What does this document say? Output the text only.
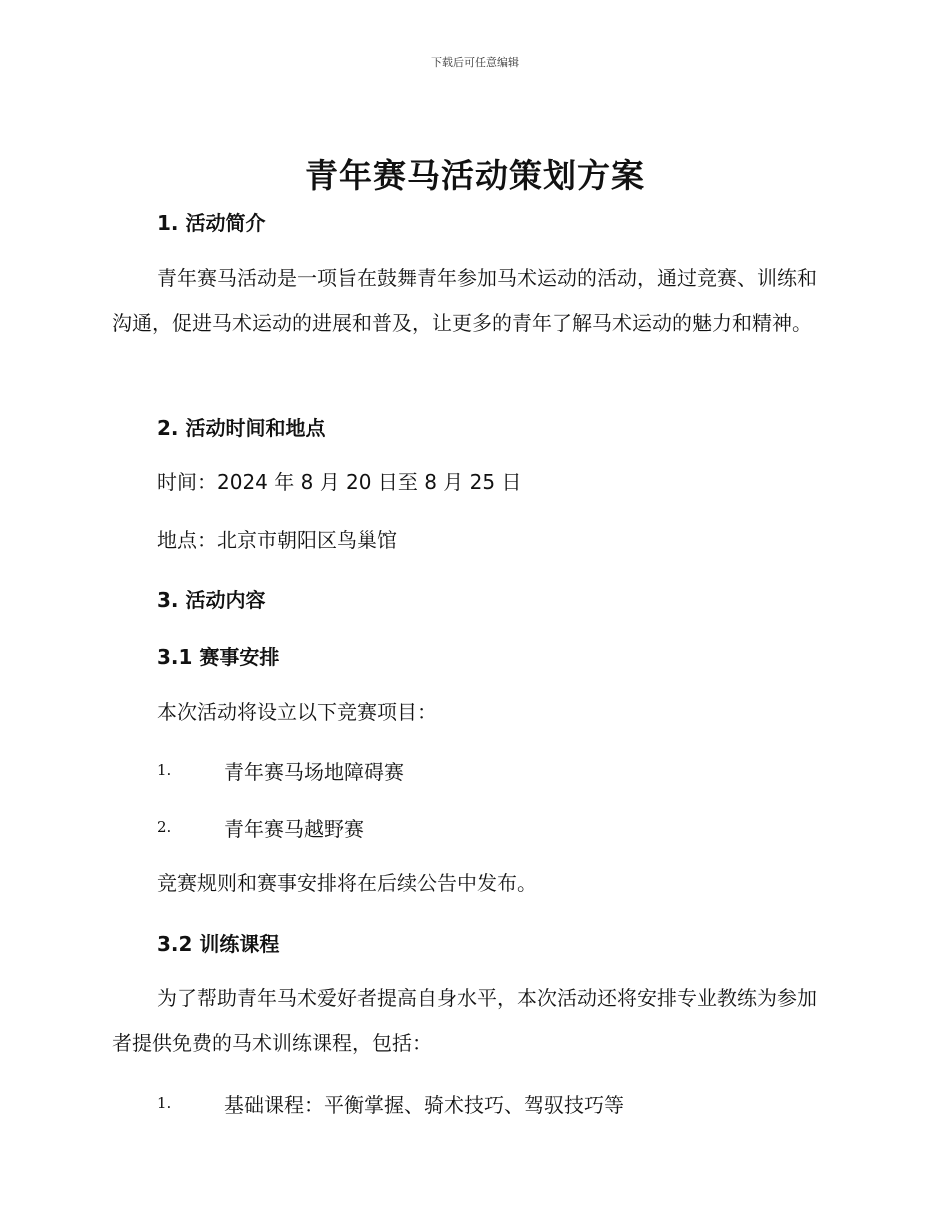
下载后可任意编辑
青年赛马活动策划方案
1. 活动简介
青年赛马活动是一项旨在鼓舞青年参加马术运动的活动，通过竞赛、训练和沟通，促进马术运动的进展和普及，让更多的青年了解马术运动的魅力和精神。
2. 活动时间和地点
时间：2024 年 8 月 20 日至 8 月 25 日
地点：北京市朝阳区鸟巢馆
3. 活动内容
3.1 赛事安排
本次活动将设立以下竞赛项目：
1.	青年赛马场地障碍赛
2.	青年赛马越野赛
竞赛规则和赛事安排将在后续公告中发布。
3.2 训练课程
为了帮助青年马术爱好者提高自身水平，本次活动还将安排专业教练为参加者提供免费的马术训练课程，包括：
1.	基础课程：平衡掌握、骑术技巧、驾驭技巧等
